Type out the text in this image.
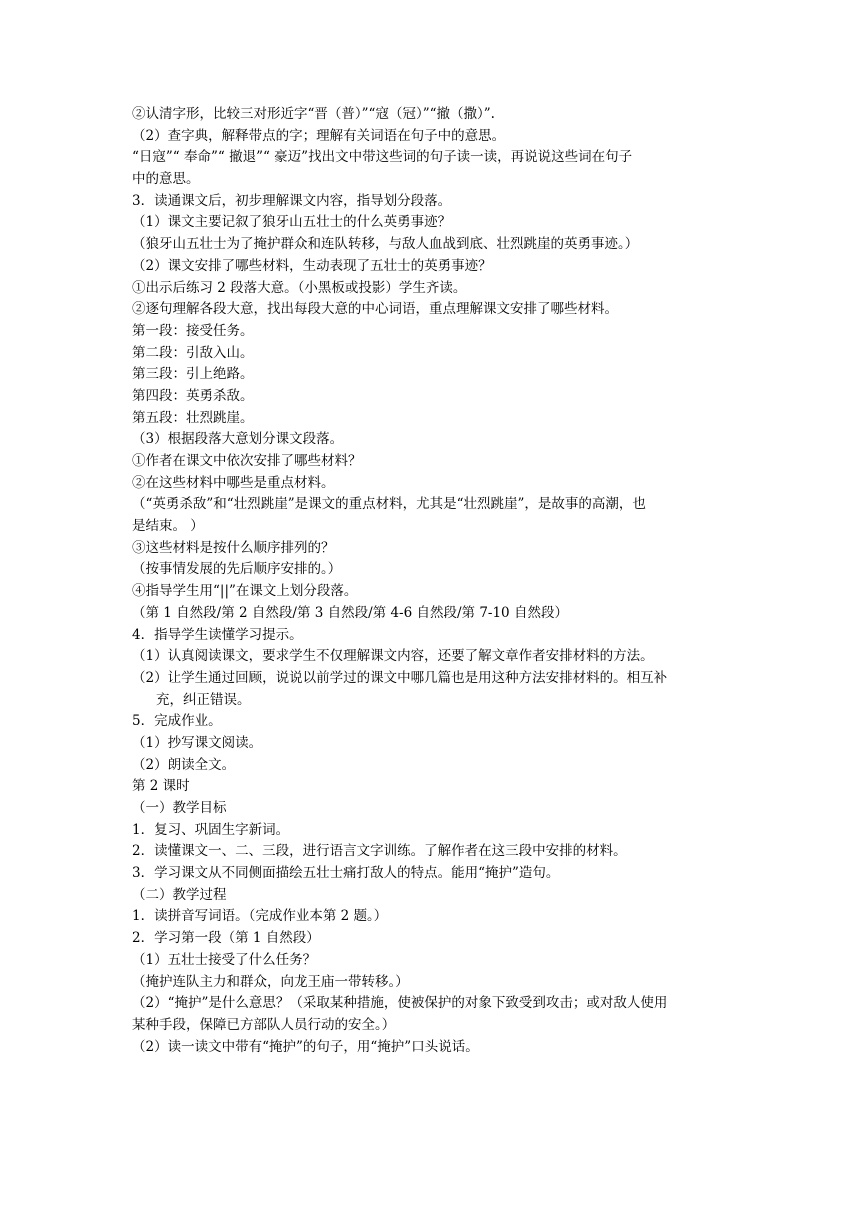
②认清字形，比较三对形近字“晋（普）”“寇（冠）”“撤（撒）”.
（2）查字典，解释带点的字；理解有关词语在句子中的意思。
“日寇”“ 奉命”“ 撤退”“ 豪迈”找出文中带这些词的句子读一读，再说说这些词在句子
中的意思。
3．读通课文后，初步理解课文内容，指导划分段落。
（1）课文主要记叙了狼牙山五壮士的什么英勇事迹？
（狼牙山五壮士为了掩护群众和连队转移，与敌人血战到底、壮烈跳崖的英勇事迹。）
（2）课文安排了哪些材料，生动表现了五壮士的英勇事迹？
①出示后练习 2 段落大意。（小黑板或投影）学生齐读。
②逐句理解各段大意，找出每段大意的中心词语，重点理解课文安排了哪些材料。
第一段：接受任务。
第二段：引敌入山。
第三段：引上绝路。
第四段：英勇杀敌。
第五段：壮烈跳崖。
（3）根据段落大意划分课文段落。
①作者在课文中依次安排了哪些材料？
②在这些材料中哪些是重点材料。
（“英勇杀敌”和“壮烈跳崖”是课文的重点材料，尤其是“壮烈跳崖”，是故事的高潮，也
是结束。 ）
③这些材料是按什么顺序排列的？
（按事情发展的先后顺序安排的。）
④指导学生用“||”在课文上划分段落。
（第 1 自然段/第 2 自然段/第 3 自然段/第 4-6 自然段/第 7-10 自然段）
4．指导学生读懂学习提示。
（1）认真阅读课文，要求学生不仅理解课文内容，还要了解文章作者安排材料的方法。
（2）让学生通过回顾，说说以前学过的课文中哪几篇也是用这种方法安排材料的。相互补
充，纠正错误。
5．完成作业。
（1）抄写课文阅读。
（2）朗读全文。
第 2 课时
（一）教学目标
1．复习、巩固生字新词。
2．读懂课文一、二、三段，进行语言文字训练。了解作者在这三段中安排的材料。
3．学习课文从不同侧面描绘五壮士痛打敌人的特点。能用“掩护”造句。
（二）教学过程
1．读拼音写词语。（完成作业本第 2 题。）
2．学习第一段（第 1 自然段）
（1）五壮士接受了什么任务？
（掩护连队主力和群众，向龙王庙一带转移。）
（2）“掩护”是什么意思？（采取某种措施，使被保护的对象下致受到攻击；或对敌人使用
某种手段，保障已方部队人员行动的安全。）
（2）读一读文中带有“掩护”的句子，用“掩护”口头说话。
